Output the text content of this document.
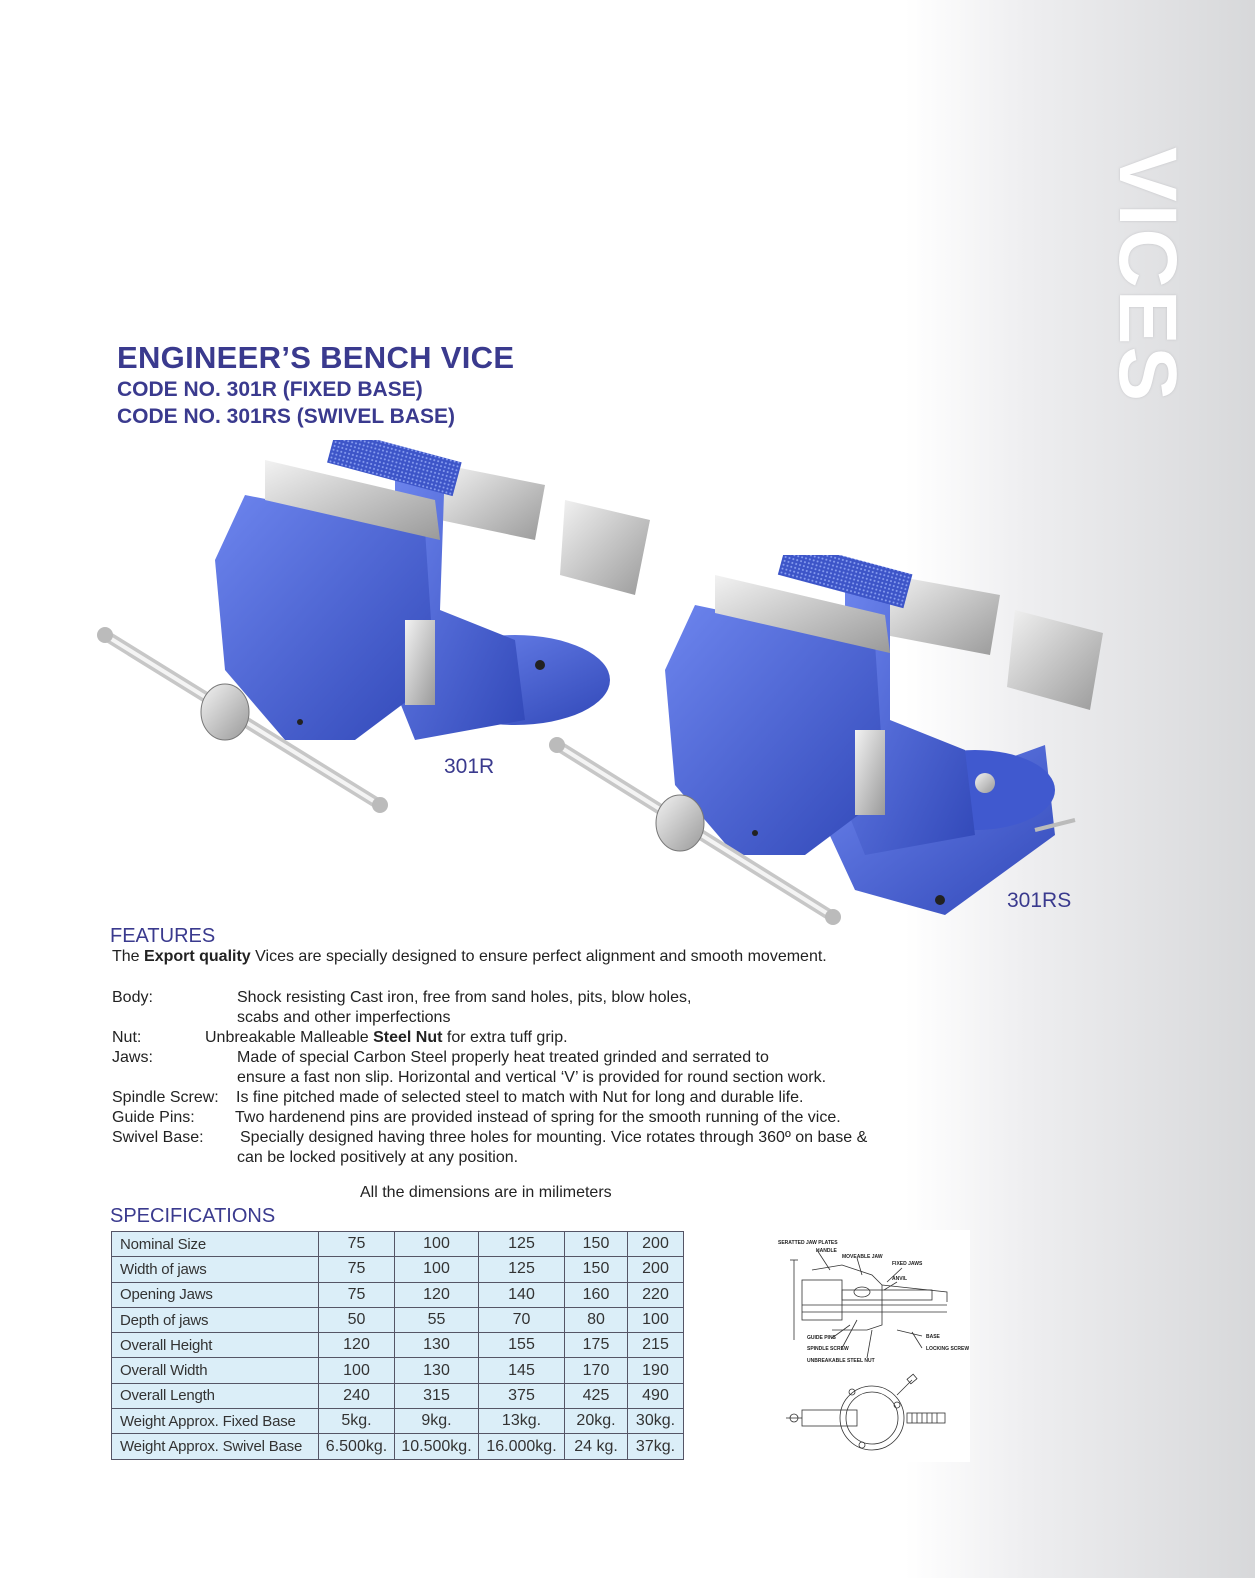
VICES
ENGINEER’S BENCH VICE
CODE NO. 301R (FIXED BASE)
CODE NO. 301RS (SWIVEL BASE)
301R
301RS
FEATURES
The Export quality Vices are specially designed to ensure perfect alignment and smooth movement.
Body:	Shock resisting Cast iron, free from sand holes, pits, blow holes,
scabs and other imperfections
Nut:	Unbreakable Malleable Steel Nut for extra tuff grip.
Jaws:	Made of special Carbon Steel properly heat treated grinded and serrated to
ensure a fast non slip. Horizontal and vertical ‘V’ is provided for round section work.
Spindle Screw: Is fine pitched made of selected steel to match with Nut for long and durable life.
Guide Pins:	Two hardenend pins are provided instead of spring for the smooth running of the vice.
Swivel Base: Specially designed having three holes for mounting. Vice rotates through 360º on base &
can be locked positively at any position.
All the dimensions are in milimeters
SPECIFICATIONS
Nominal Size	75	100	125	150	200
Width of jaws	75	100	125	150	200
Opening Jaws	75	120	140	160	220
Depth of jaws	50	55	70	80	100
Overall Height	120	130	155	175	215
Overall Width	100	130	145	170	190
Overall Length	240	315	375	425	490
Weight Approx. Fixed Base	5kg.	9kg.	13kg.	20kg.	30kg.
Weight Approx. Swivel Base	6.500kg.	10.500kg.	16.000kg.	24 kg.	37kg.
SERATTED JAW PLATES
HANDLE
MOVEABLE JAW
FIXED JAWS
ANVIL
GUIDE PINS
SPINDLE SCREW
UNBREAKABLE STEEL NUT
BASE
LOCKING SCREW
